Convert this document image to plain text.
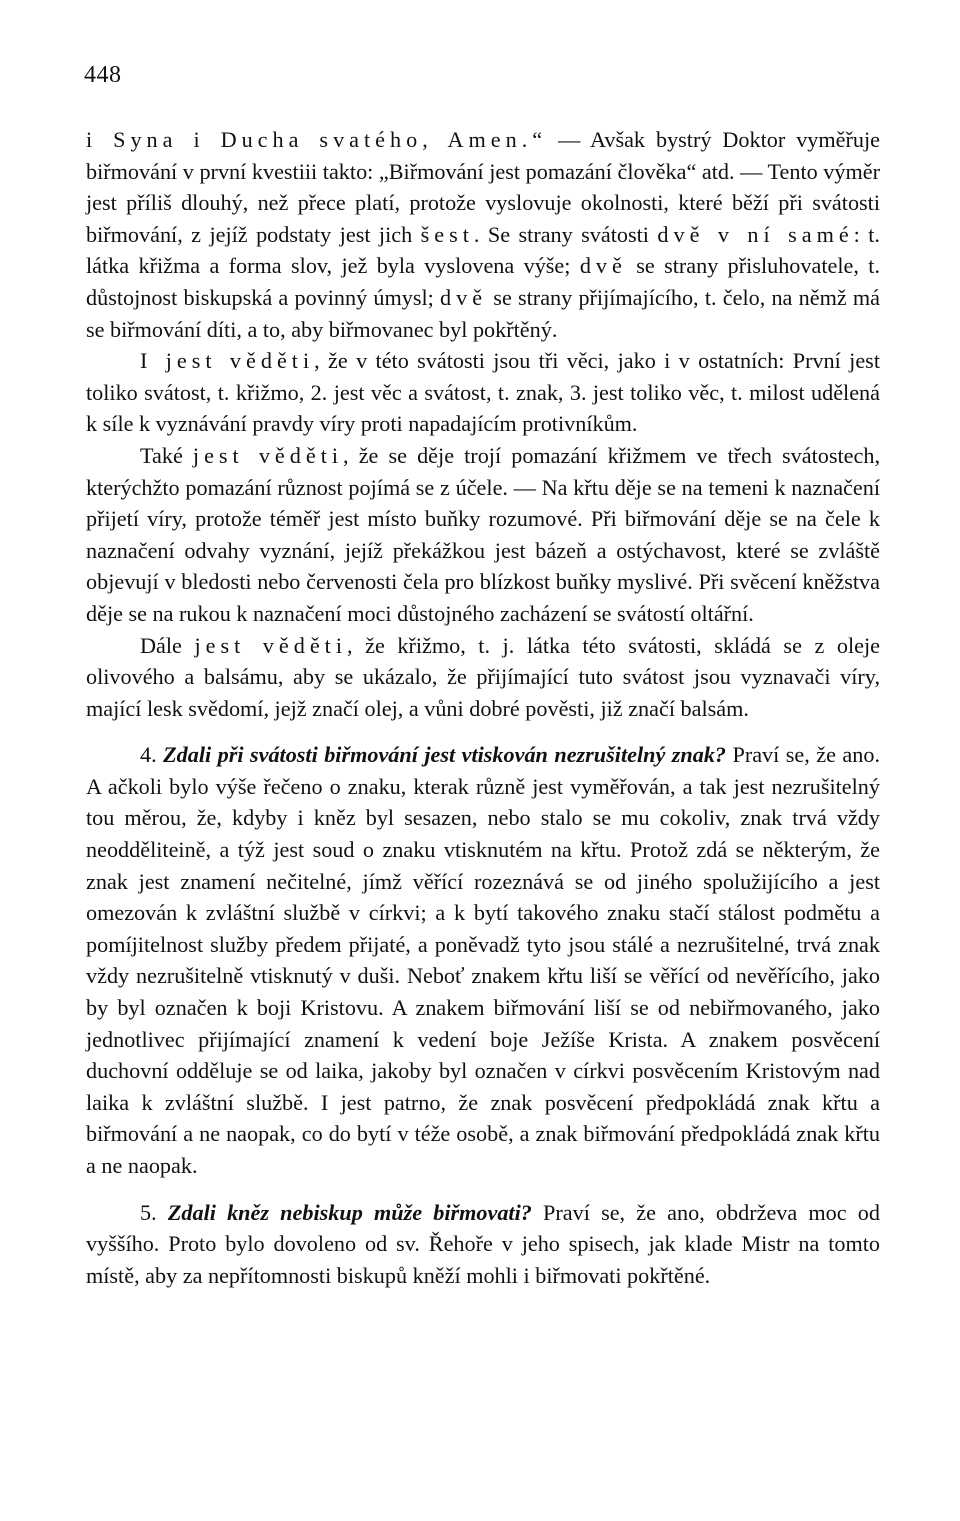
448

i Syna i Ducha svatého, Amen.“ — Avšak bystrý Doktor vyměřuje biřmování v první kvestiii takto: „Biřmování jest pomazání člověka“ atd. — Tento výměr jest příliš dlouhý, než přece platí, protože vyslovuje okolnosti, které běží při svátosti biřmování, z jejíž podstaty jest jich šest. Se strany svátosti dvě v ní samé: t. látka křižma a forma slov, jež byla vyslovena výše; dvě se strany přisluhovatele, t. důstojnost biskupská a povinný úmysl; dvě se strany přijímajícího, t. čelo, na němž má se biřmování díti, a to, aby biřmovanec byl pokřtěný.

I jest věděti, že v této svátosti jsou tři věci, jako i v ostatních: První jest toliko svátost, t. křižmo, 2. jest věc a svátost, t. znak, 3. jest toliko věc, t. milost udělená k síle k vyznávání pravdy víry proti napadajícím protivníkům.

Také jest věděti, že se děje trojí pomazání křižmem ve třech svátostech, kterýchžto pomazání různost pojímá se z účele. — Na křtu děje se na temeni k naznačení přijetí víry, protože téměř jest místo buňky rozumové. Při biřmování děje se na čele k naznačení odvahy vyznání, jejíž překážkou jest bázeň a ostýchavost, které se zvláště objevují v bledosti nebo červenosti čela pro blízkost buňky myslivé. Při svěcení kněžstva děje se na rukou k naznačení moci důstojného zacházení se svátostí oltářní.

Dále jest věděti, že křižmo, t. j. látka této svátosti, skládá se z oleje olivového a balsámu, aby se ukázalo, že přijímající tuto svátost jsou vyznavači víry, mající lesk svědomí, jejž značí olej, a vůni dobré pověsti, již značí balsám.

4. Zdali při svátosti biřmování jest vtiskován nezrušitelný znak? Praví se, že ano. A ačkoli bylo výše řečeno o znaku, kterak různě jest vyměřován, a tak jest nezrušitelný tou měrou, že, kdyby i kněz byl sesazen, nebo stalo se mu cokoliv, znak trvá vždy neodděliteině, a týž jest soud o znaku vtisknutém na křtu. Protož zdá se některým, že znak jest znamení nečitelné, jímž věřící rozeznává se od jiného spolužijícího a jest omezován k zvláštní službě v církvi; a k bytí takového znaku stačí stálost podmětu a pomíjitelnost služby předem přijaté, a poněvadž tyto jsou stálé a nezrušitelné, trvá znak vždy nezrušitelně vtisknutý v duši. Neboť znakem křtu liší se věřící od nevěřícího, jako by byl označen k boji Kristovu. A znakem biřmování liší se od nebiřmovaného, jako jednotlivec přijímající znamení k vedení boje Ježíše Krista. A znakem posvěcení duchovní odděluje se od laika, jakoby byl označen v církvi posvěcením Kristovým nad laika k zvláštní službě. I jest patrno, že znak posvěcení předpokládá znak křtu a biřmování a ne naopak, co do bytí v téže osobě, a znak biřmování předpokládá znak křtu a ne naopak.

5. Zdali kněz nebiskup může biřmovati? Praví se, že ano, obdrževa moc od vyššího. Proto bylo dovoleno od sv. Řehoře v jeho spisech, jak klade Mistr na tomto místě, aby za nepřítomnosti biskupů kněží mohli i biřmovati pokřtěné.
